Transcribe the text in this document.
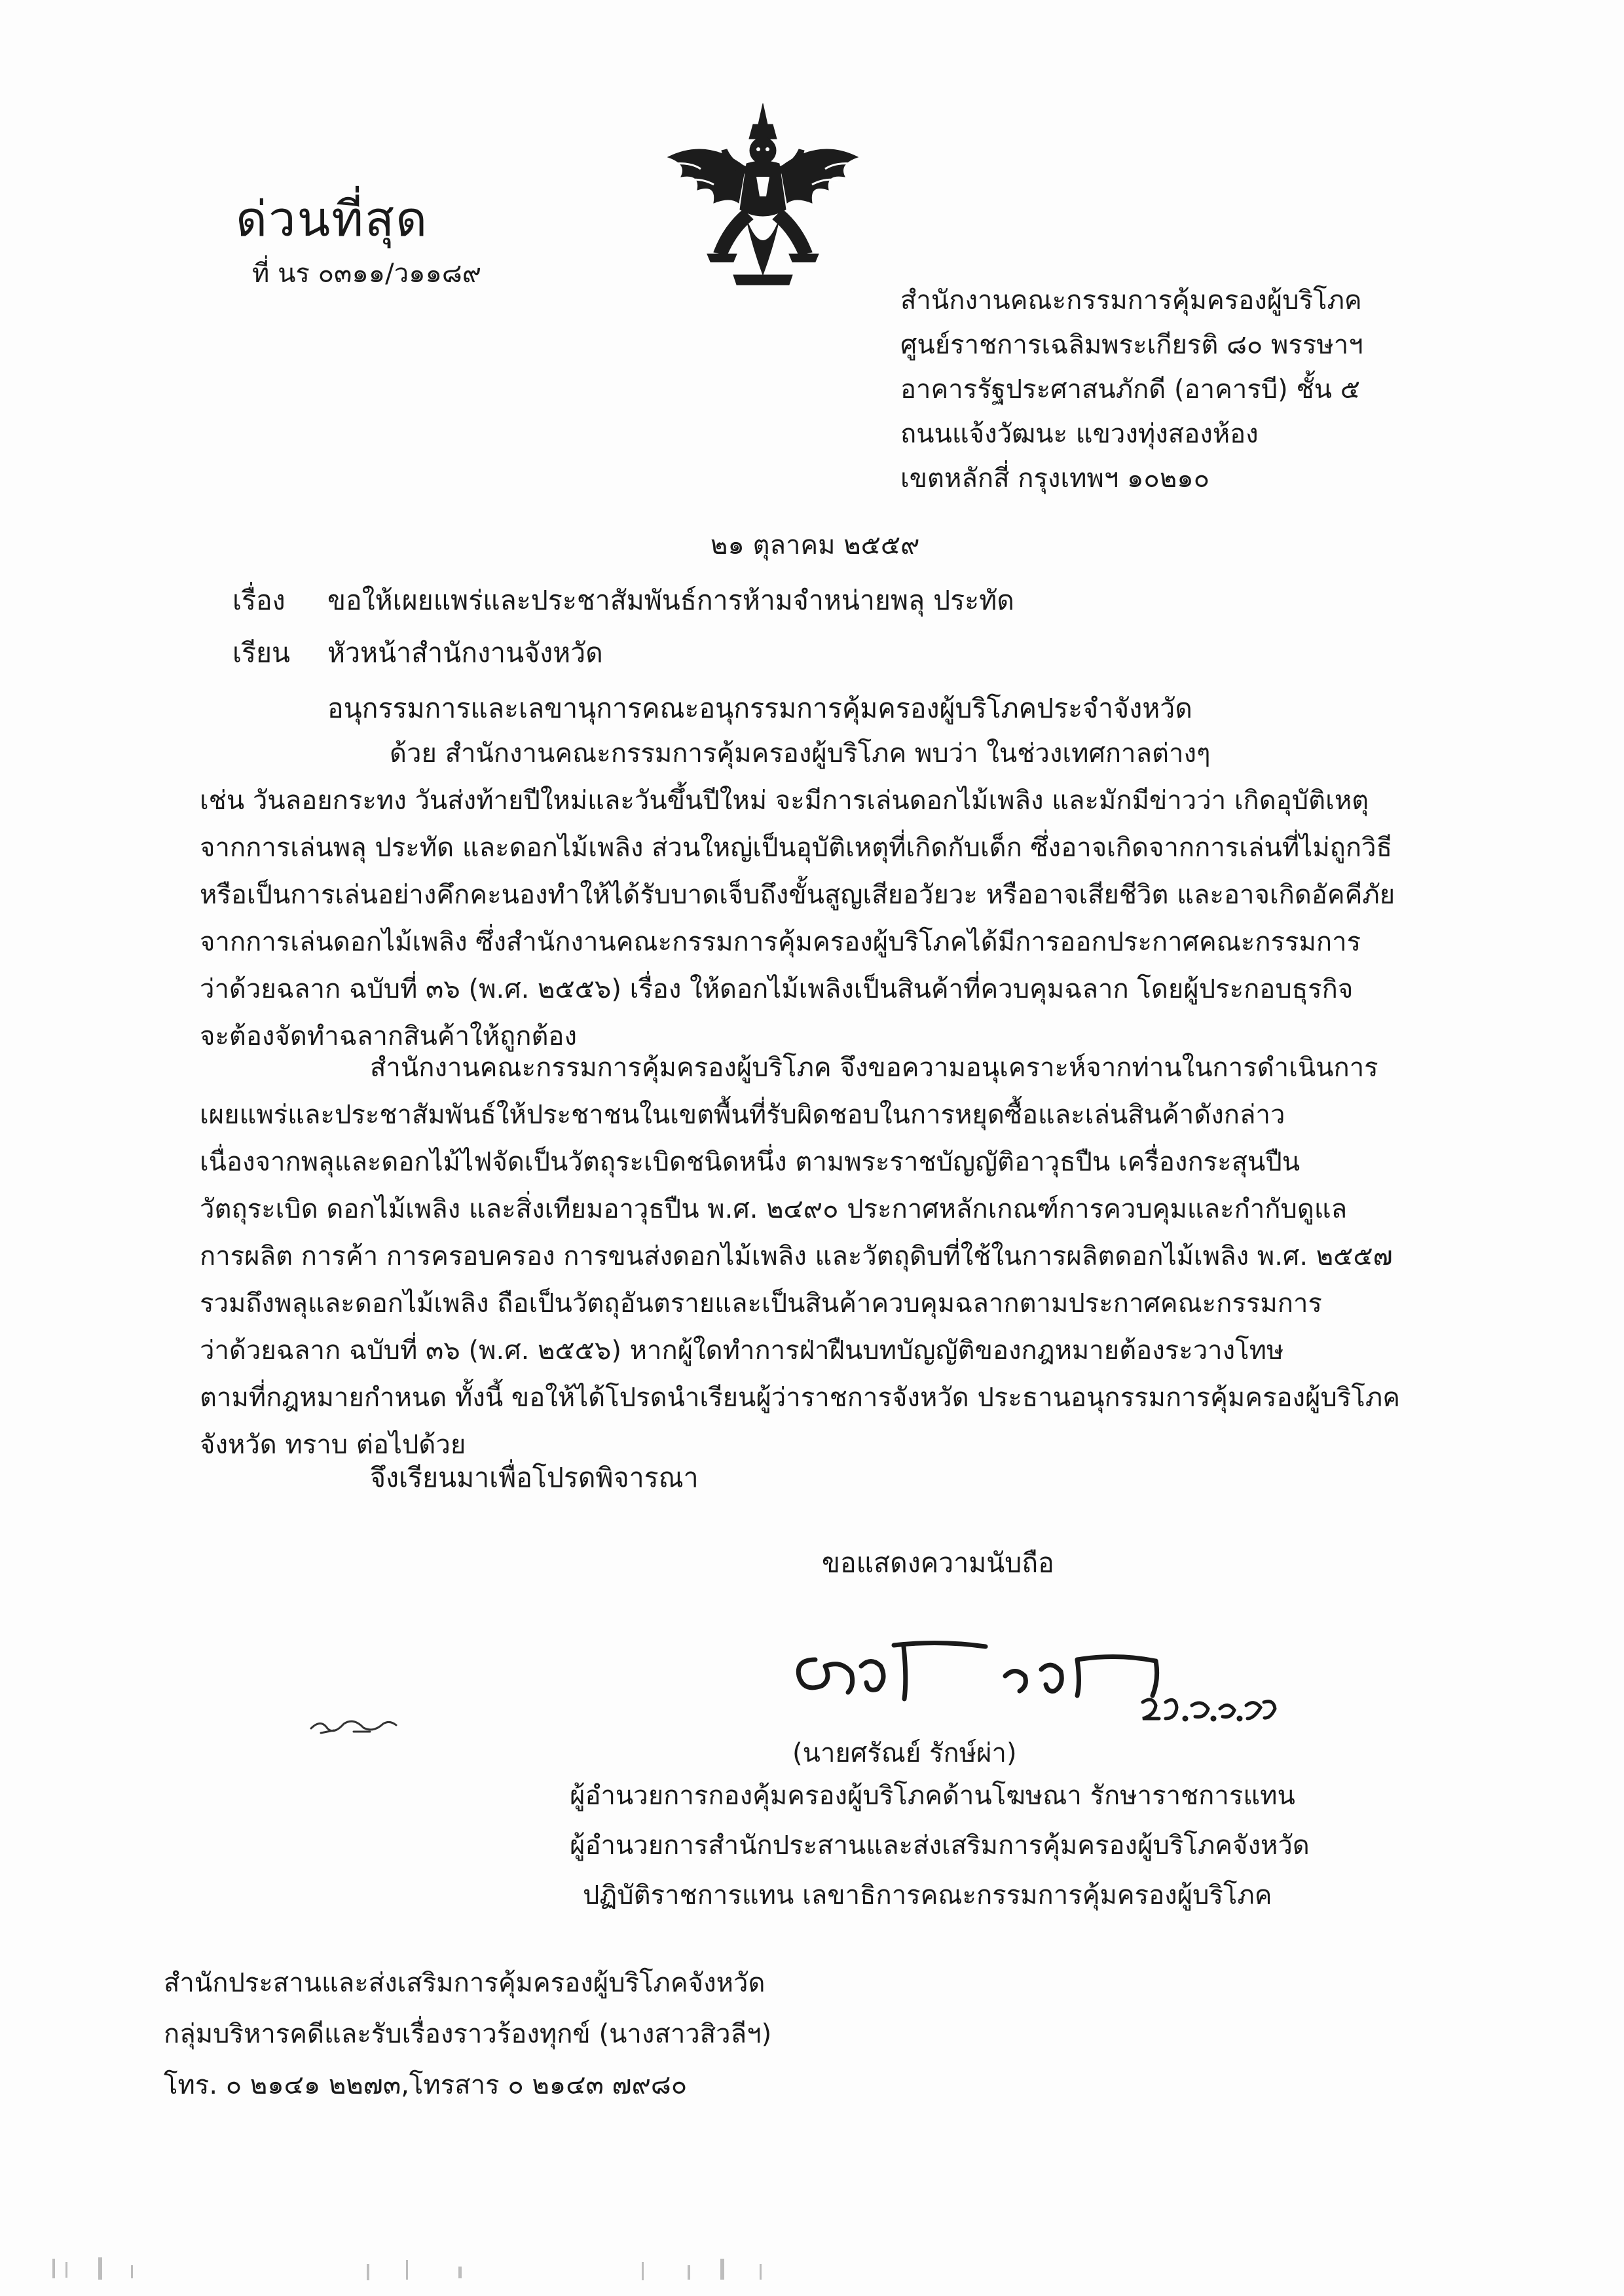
ด่วนที่สุด
ที่ นร ๐๓๑๑/ว๑๑๘๙
สำนักงานคณะกรรมการคุ้มครองผู้บริโภค
ศูนย์ราชการเฉลิมพระเกียรติ ๘๐ พรรษาฯ
อาคารรัฐประศาสนภักดี (อาคารบี) ชั้น ๕
ถนนแจ้งวัฒนะ แขวงทุ่งสองห้อง
เขตหลักสี่ กรุงเทพฯ ๑๐๒๑๐
๒๑ ตุลาคม ๒๕๕๙
เรื่อง ขอให้เผยแพร่และประชาสัมพันธ์การห้ามจำหน่ายพลุ ประทัด
เรียน หัวหน้าสำนักงานจังหวัด
อนุกรรมการและเลขานุการคณะอนุกรรมการคุ้มครองผู้บริโภคประจำจังหวัด
ด้วย สำนักงานคณะกรรมการคุ้มครองผู้บริโภค พบว่า ในช่วงเทศกาลต่างๆ
เช่น วันลอยกระทง วันส่งท้ายปีใหม่และวันขึ้นปีใหม่ จะมีการเล่นดอกไม้เพลิง และมักมีข่าวว่า เกิดอุบัติเหตุ
จากการเล่นพลุ ประทัด และดอกไม้เพลิง ส่วนใหญ่เป็นอุบัติเหตุที่เกิดกับเด็ก ซึ่งอาจเกิดจากการเล่นที่ไม่ถูกวิธี
หรือเป็นการเล่นอย่างคึกคะนองทำให้ได้รับบาดเจ็บถึงขั้นสูญเสียอวัยวะ หรืออาจเสียชีวิต และอาจเกิดอัคคีภัย
จากการเล่นดอกไม้เพลิง ซึ่งสำนักงานคณะกรรมการคุ้มครองผู้บริโภคได้มีการออกประกาศคณะกรรมการ
ว่าด้วยฉลาก ฉบับที่ ๓๖ (พ.ศ. ๒๕๕๖) เรื่อง ให้ดอกไม้เพลิงเป็นสินค้าที่ควบคุมฉลาก โดยผู้ประกอบธุรกิจ
จะต้องจัดทำฉลากสินค้าให้ถูกต้อง
สำนักงานคณะกรรมการคุ้มครองผู้บริโภค จึงขอความอนุเคราะห์จากท่านในการดำเนินการ
เผยแพร่และประชาสัมพันธ์ให้ประชาชนในเขตพื้นที่รับผิดชอบในการหยุดซื้อและเล่นสินค้าดังกล่าว
เนื่องจากพลุและดอกไม้ไฟจัดเป็นวัตถุระเบิดชนิดหนึ่ง ตามพระราชบัญญัติอาวุธปืน เครื่องกระสุนปืน
วัตถุระเบิด ดอกไม้เพลิง และสิ่งเทียมอาวุธปืน พ.ศ. ๒๔๙๐ ประกาศหลักเกณฑ์การควบคุมและกำกับดูแล
การผลิต การค้า การครอบครอง การขนส่งดอกไม้เพลิง และวัตถุดิบที่ใช้ในการผลิตดอกไม้เพลิง พ.ศ. ๒๕๕๗
รวมถึงพลุและดอกไม้เพลิง ถือเป็นวัตถุอันตรายและเป็นสินค้าควบคุมฉลากตามประกาศคณะกรรมการ
ว่าด้วยฉลาก ฉบับที่ ๓๖ (พ.ศ. ๒๕๕๖) หากผู้ใดทำการฝ่าฝืนบทบัญญัติของกฎหมายต้องระวางโทษ
ตามที่กฎหมายกำหนด ทั้งนี้ ขอให้ได้โปรดนำเรียนผู้ว่าราชการจังหวัด ประธานอนุกรรมการคุ้มครองผู้บริโภค
จังหวัด ทราบ ต่อไปด้วย
จึงเรียนมาเพื่อโปรดพิจารณา
ขอแสดงความนับถือ
(นายศรัณย์ รักษ์ผ่า)
ผู้อำนวยการกองคุ้มครองผู้บริโภคด้านโฆษณา รักษาราชการแทน
ผู้อำนวยการสำนักประสานและส่งเสริมการคุ้มครองผู้บริโภคจังหวัด
ปฏิบัติราชการแทน เลขาธิการคณะกรรมการคุ้มครองผู้บริโภค
สำนักประสานและส่งเสริมการคุ้มครองผู้บริโภคจังหวัด
กลุ่มบริหารคดีและรับเรื่องราวร้องทุกข์ (นางสาวสิวลีฯ)
โทร. ๐ ๒๑๔๑ ๒๒๗๓,โทรสาร ๐ ๒๑๔๓ ๗๙๘๐
